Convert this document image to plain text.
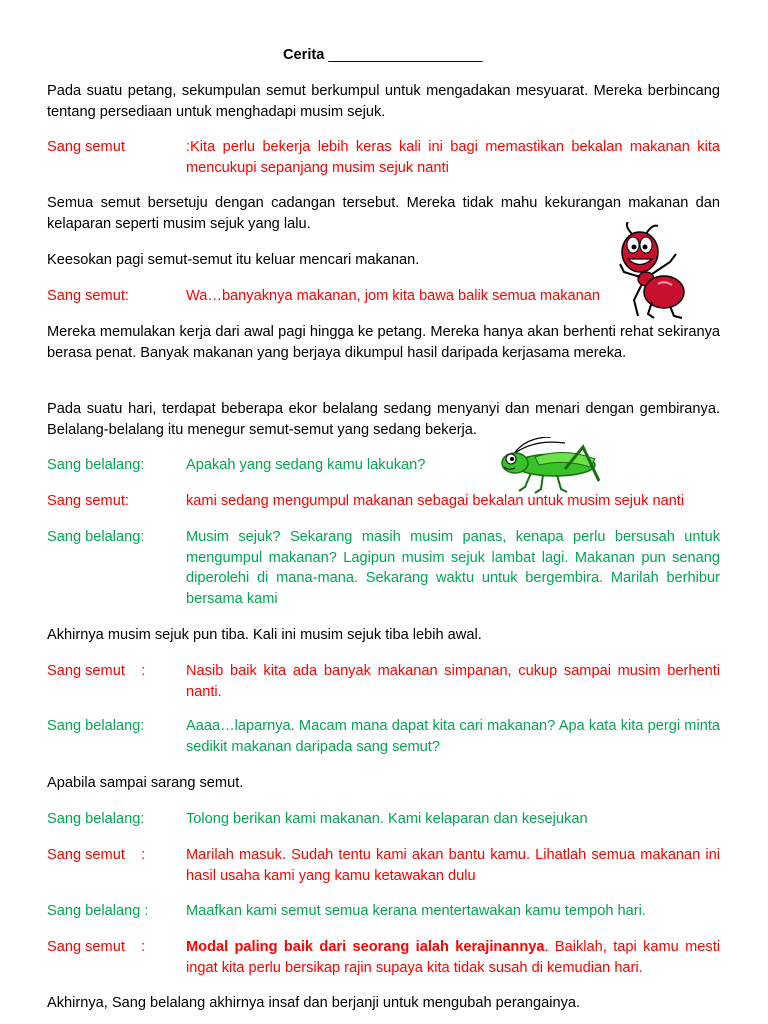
Cerita ___________________
Pada suatu petang, sekumpulan semut berkumpul untuk mengadakan mesyuarat. Mereka berbincang tentang persediaan untuk menghadapi musim sejuk.
Sang semut	:Kita perlu bekerja lebih keras kali ini bagi memastikan bekalan makanan kita mencukupi sepanjang musim sejuk nanti
Semua semut bersetuju dengan cadangan tersebut. Mereka tidak mahu kekurangan makanan dan kelaparan seperti musim sejuk yang lalu.
Keesokan pagi semut-semut itu keluar mencari makanan.
Sang semut:	Wa…banyaknya makanan, jom kita bawa balik semua makanan
Mereka memulakan kerja dari awal pagi hingga ke petang. Mereka hanya akan berhenti rehat sekiranya berasa penat. Banyak makanan yang berjaya dikumpul hasil daripada kerjasama mereka.
Pada suatu hari, terdapat beberapa ekor belalang sedang menyanyi dan menari dengan gembiranya. Belalang-belalang itu menegur semut-semut yang sedang bekerja.
Sang belalang:	Apakah yang sedang kamu lakukan?
Sang semut:	kami sedang mengumpul makanan sebagai bekalan untuk musim sejuk nanti
Sang belalang:	Musim sejuk? Sekarang masih musim panas, kenapa perlu bersusah untuk mengumpul makanan? Lagipun musim sejuk lambat lagi. Makanan pun senang diperolehi di mana-mana. Sekarang waktu untuk bergembira. Marilah berhibur bersama kami
Akhirnya musim sejuk pun tiba. Kali ini musim sejuk tiba lebih awal.
Sang semut    :	Nasib baik kita ada banyak makanan simpanan, cukup sampai musim berhenti nanti.
Sang belalang:	Aaaa…laparnya. Macam mana dapat kita cari makanan? Apa kata kita pergi minta sedikit makanan daripada sang semut?
Apabila sampai sarang semut.
Sang belalang:	Tolong berikan kami makanan. Kami kelaparan dan kesejukan
Sang semut    :	Marilah masuk. Sudah tentu kami akan bantu kamu. Lihatlah semua makanan ini hasil usaha kami yang kamu ketawakan dulu
Sang belalang :	Maafkan kami semut semua kerana mentertawakan kamu tempoh hari.
Sang semut    :	Modal paling baik dari seorang ialah kerajinannya. Baiklah, tapi kamu mesti ingat kita perlu bersikap rajin supaya kita tidak susah di kemudian hari.
Akhirnya, Sang belalang akhirnya insaf dan berjanji untuk mengubah perangainya.
